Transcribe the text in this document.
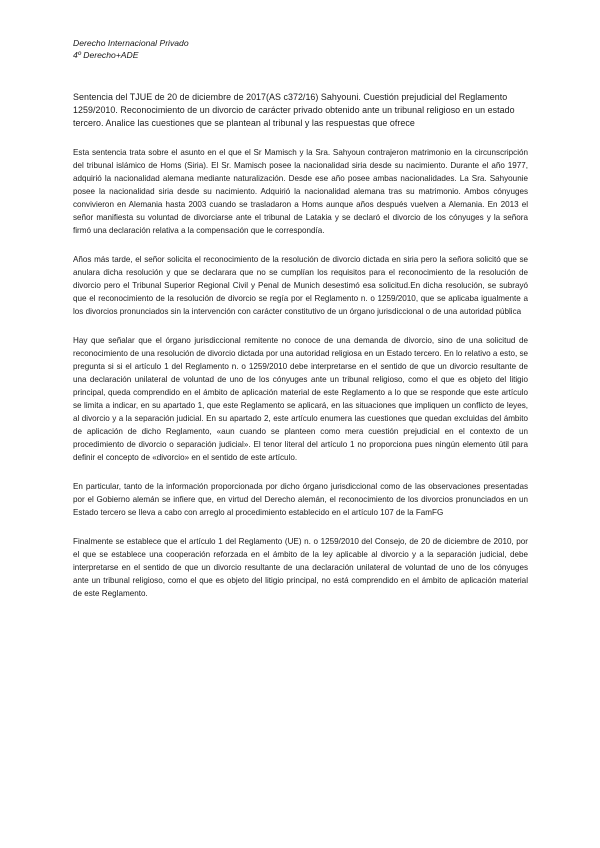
Derecho Internacional Privado

4º Derecho+ADE

Sentencia del TJUE de 20 de diciembre de 2017(AS c372/16) Sahyouni. Cuestión prejudicial del Reglamento 1259/2010. Reconocimiento de un divorcio de carácter privado obtenido ante un tribunal religioso en un estado tercero. Analice las cuestiones que se plantean al tribunal y las respuestas que ofrece

Esta sentencia trata sobre el asunto en el que el Sr Mamisch y la Sra. Sahyoun contrajeron matrimonio en la circunscripción del tribunal islámico de Homs (Siria). El Sr. Mamisch posee la nacionalidad siria desde su nacimiento. Durante el año 1977, adquirió la nacionalidad alemana mediante naturalización. Desde ese año posee ambas nacionalidades. La Sra. Sahyounie posee la nacionalidad siria desde su nacimiento. Adquirió la nacionalidad alemana tras su matrimonio. Ambos cónyuges convivieron en Alemania hasta 2003 cuando se trasladaron a Homs aunque años después vuelven a Alemania. En 2013 el señor manifiesta su voluntad de divorciarse ante el tribunal de Latakia y se declaró el divorcio de los cónyuges y la señora firmó una declaración relativa a la compensación que le correspondía.

Años más tarde, el señor solicita el reconocimiento de la resolución de divorcio dictada en siria pero la señora solicitó que se anulara dicha resolución y que se declarara que no se cumplían los requisitos para el reconocimiento de la resolución de divorcio pero el Tribunal Superior Regional Civil y Penal de Munich desestimó esa solicitud.En dicha resolución, se subrayó que el reconocimiento de la resolución de divorcio se regía por el Reglamento n. o 1259/2010, que se aplicaba igualmente a los divorcios pronunciados sin la intervención con carácter constitutivo de un órgano jurisdiccional o de una autoridad pública

Hay que señalar que el órgano jurisdiccional remitente no conoce de una demanda de divorcio, sino de una solicitud de reconocimiento de una resolución de divorcio dictada por una autoridad religiosa en un Estado tercero. En lo relativo a esto, se pregunta si si el artículo 1 del Reglamento n. o 1259/2010 debe interpretarse en el sentido de que un divorcio resultante de una declaración unilateral de voluntad de uno de los cónyuges ante un tribunal religioso, como el que es objeto del litigio principal, queda comprendido en el ámbito de aplicación material de este Reglamento a lo que se responde que este artículo se limita a indicar, en su apartado 1, que este Reglamento se aplicará, en las situaciones que impliquen un conflicto de leyes, al divorcio y a la separación judicial. En su apartado 2, este artículo enumera las cuestiones que quedan excluidas del ámbito de aplicación de dicho Reglamento, «aun cuando se planteen como mera cuestión prejudicial en el contexto de un procedimiento de divorcio o separación judicial». El tenor literal del artículo 1 no proporciona pues ningún elemento útil para definir el concepto de «divorcio» en el sentido de este artículo.

En particular, tanto de la información proporcionada por dicho órgano jurisdiccional como de las observaciones presentadas por el Gobierno alemán se infiere que, en virtud del Derecho alemán, el reconocimiento de los divorcios pronunciados en un Estado tercero se lleva a cabo con arreglo al procedimiento establecido en el artículo 107 de la FamFG

Finalmente se establece que el artículo 1 del Reglamento (UE) n. o 1259/2010 del Consejo, de 20 de diciembre de 2010, por el que se establece una cooperación reforzada en el ámbito de la ley aplicable al divorcio y a la separación judicial, debe interpretarse en el sentido de que un divorcio resultante de una declaración unilateral de voluntad de uno de los cónyuges ante un tribunal religioso, como el que es objeto del litigio principal, no está comprendido en el ámbito de aplicación material de este Reglamento.
